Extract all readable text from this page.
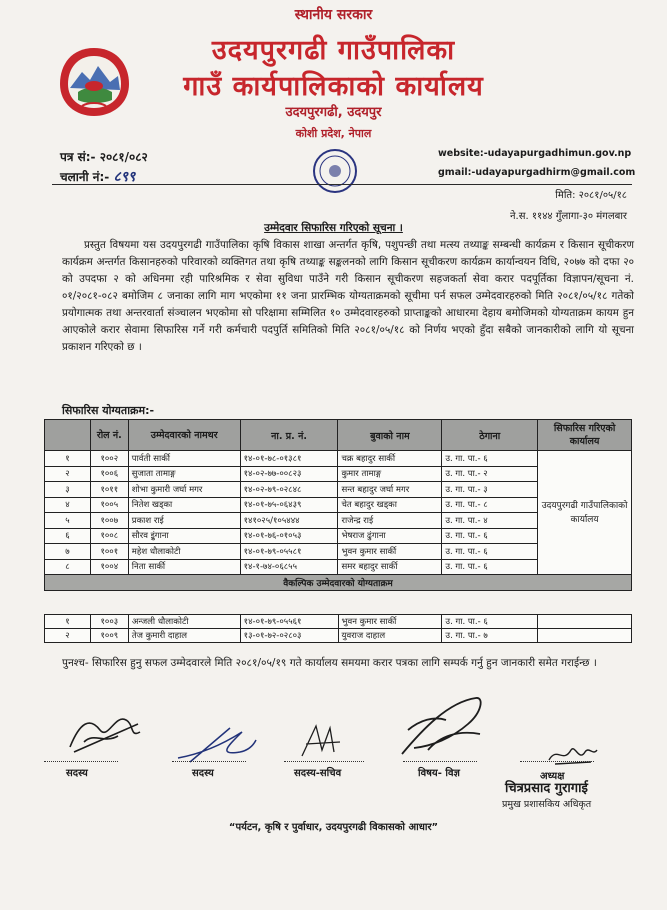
स्थानीय सरकार
उदयपुरगढी गाउँपालिका
गाउँ कार्यपालिकाको कार्यालय
उदयपुरगढी, उदयपुर
कोशी प्रदेश, नेपाल
पत्र सं:- २०८१/०८२
चलानी नं:- ८९९
website:-udayapurgadhimun.gov.np
gmail:-udayapurgadhirm@gmail.com
मिति: २०८१/०५/१८
ने.स. ११४४ गुँलागा-३० मंगलबार
उम्मेदवार सिफारिस गरिएको सूचना ।
प्रस्तुत विषयमा यस उदयपुरगढी गाउँपालिका कृषि विकास शाखा अन्तर्गत कृषि, पशुपन्छी तथा मत्स्य तथ्याङ्क सम्बन्धी कार्यक्रम र किसान सूचीकरण कार्यक्रम अन्तर्गत किसानहरुको परिवारको व्यक्तिगत तथा कृषि तथ्याङ्क सङ्कलनको लागि किसान सूचीकरण कार्यक्रम कार्यान्वयन विधि, २०७७ को दफा २० को उपदफा २ को अधिनमा रही पारिश्रमिक र सेवा सुविधा पाउँने गरी किसान सूचीकरण सहजकर्ता सेवा करार पदपूर्तिका विज्ञापन/सूचना नं. ०१/२०८१-०८२ बमोजिम ८ जनाका लागि माग भएकोमा ११ जना प्रारम्भिक योग्यताक्रमको सूचीमा पर्न सफल उम्मेदवारहरुको मिति २०८१/०५/१८ गतेको प्रयोगात्मक तथा अन्तरवार्ता संञ्चालन भएकोमा सो परिक्षामा सम्मिलित १० उम्मेदवारहरुको प्राप्ताङ्कको आधारमा देहाय बमोजिमको योग्यताक्रम कायम हुन आएकोले करार सेवामा सिफारिस गर्ने गरी कर्मचारी पदपुर्ति समितिको मिति २०८१/०५/१८ को निर्णय भएको हुँदा सबैको जानकारीको लागि यो सूचना प्रकाशन गरिएको छ ।
सिफारिस योग्यताक्रम:-
	रोल नं.	उम्मेदवारको नामथर	ना. प्र. नं.	बुवाको नाम	ठेगाना	सिफारिस गरिएको कार्यालय
१	१००२	पार्वती सार्की	१४-०१-७८-०१३८१	चक्र बहादुर सार्की	उ. गा. पा.- ६	उदयपुरगढी गाउँपालिकाको कार्यालय
२	१००६	सुजाता तामाङ्ग	१४-०२-७७-००८२३	कुमार तामाङ्ग	उ. गा. पा.- २	
३	१०११	शोभा कुमारी जर्घा मगर	१४-०२-७९-०२८४८	सन्त बहादुर जर्घा मगर	उ. गा. पा.- ३	
४	१००५	नितेश खड्का	१४-०१-७५-०६४३९	चेत बहादुर खड्का	उ. गा. पा.- ८	
५	१००७	प्रकाश राई	१४१०२५/१०५४४४	राजेन्द्र राई	उ. गा. पा.- ४	
६	१००८	सौरव इुंगाना	१४-०१-७६-०१०५३	भेषराज ढुंगाना	उ. गा. पा.- ६	
७	१००१	महेश धौलाकोटी	१४-०१-७९-०५५८१	भुवन कुमार सार्की	उ. गा. पा.- ६	
८	१००४	निता सार्की	१४-१-७४-०६८५५	समर बहादुर सार्की	उ. गा. पा.- ६	
वैकल्पिक उम्मेदवारको योग्यताक्रम						
१	१००३	अन्जली धौलाकोटी	१४-०१-७९-०५५६१	भुवन कुमार सार्की	उ. गा. पा.- ६	
२	१००९	तेज कुमारी दाहाल	१३-०१-७२-०२८०३	युवराज दाहाल	उ. गा. पा.- ७	
पुनश्च- सिफारिस हुनु सफल उम्मेदवारले मिति २०८१/०५/१९ गते कार्यालय समयमा करार पत्रका लागि सम्पर्क गर्नु हुन जानकारी समेत गराईन्छ ।
सदस्य	सदस्य	सदस्य-सचिव	विषय- विज्ञ	अध्यक्ष
चित्रप्रसाद गुरागाई
प्रमुख प्रशासकिय अधिकृत
“पर्यटन, कृषि र पुर्वाधार, उदयपुरगढी विकासको आधार”
